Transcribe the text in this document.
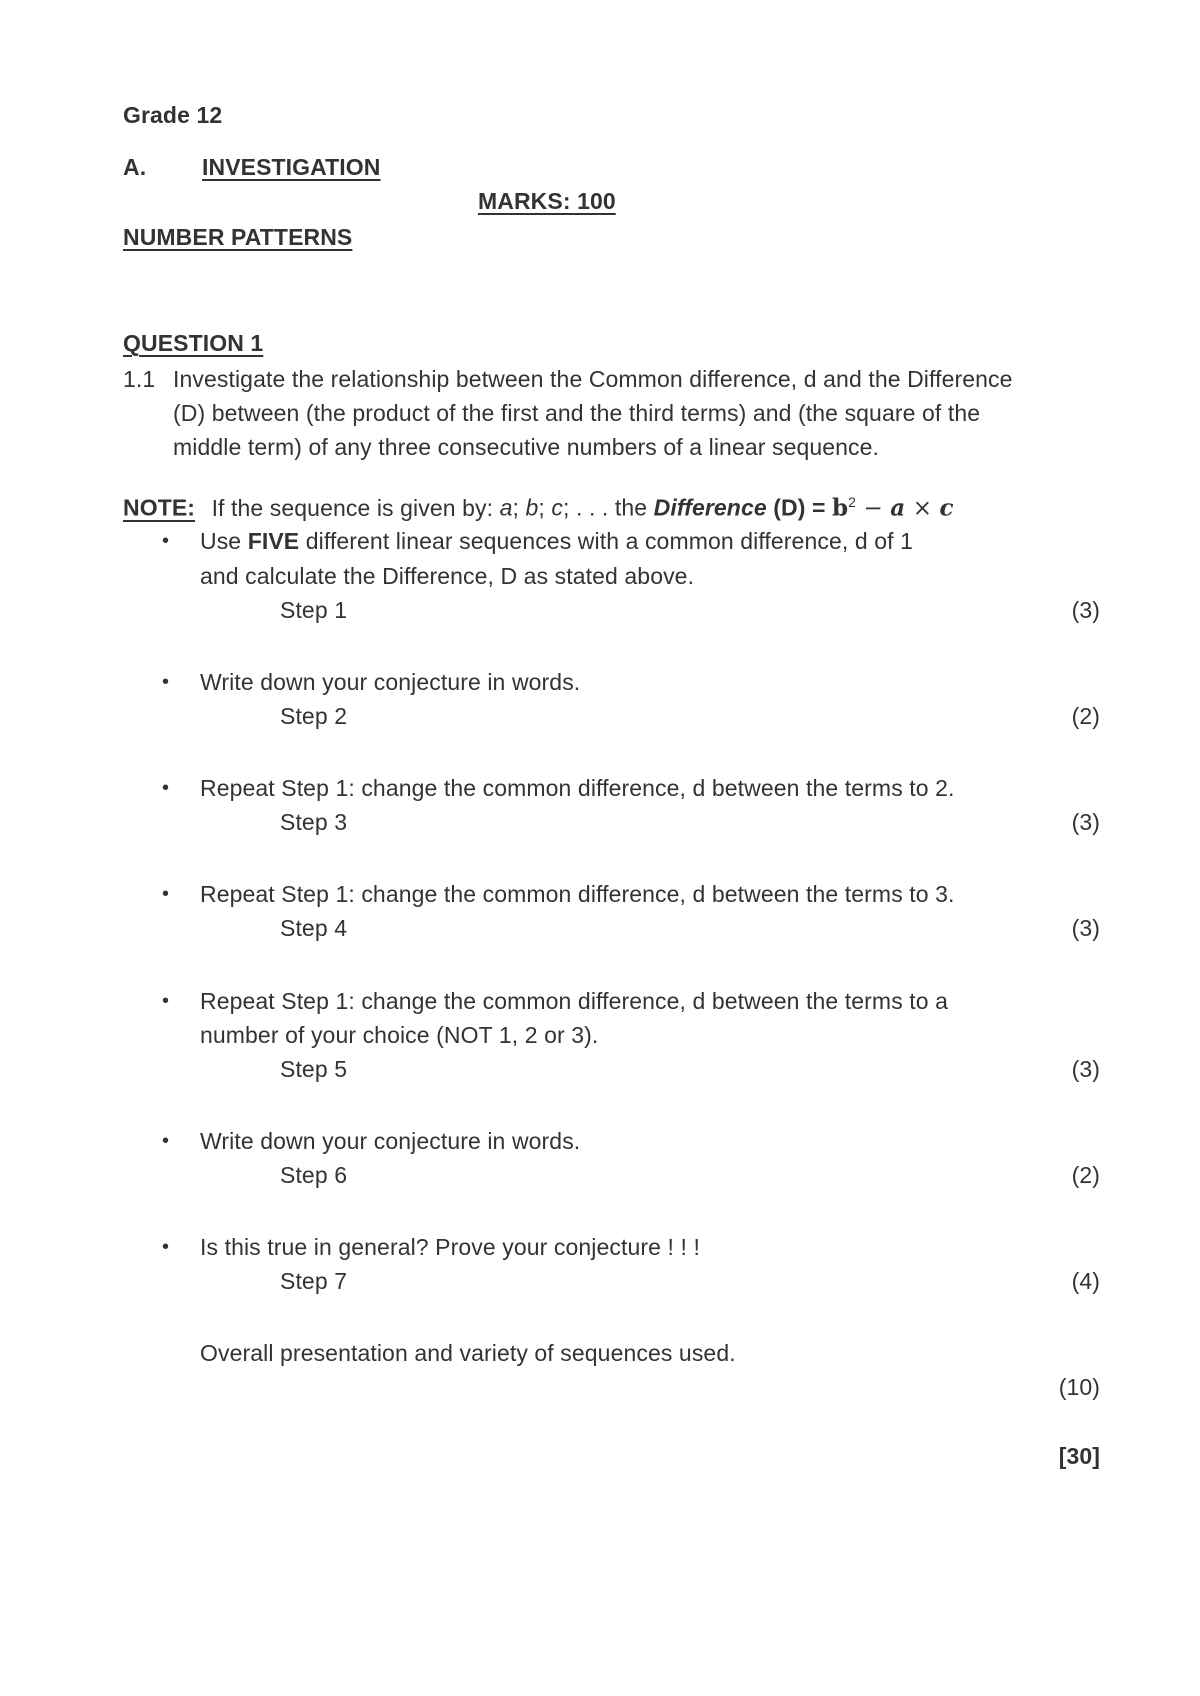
Grade 12
A. INVESTIGATION
MARKS: 100
NUMBER PATTERNS
QUESTION 1
1.1 Investigate the relationship between the Common difference, d and the Difference
(D) between (the product of the first and the third terms) and (the square of the
middle term) of any three consecutive numbers of a linear sequence.
NOTE: If the sequence is given by: a; b; c; . . . the Difference $(D) = b^2 - a \times c$
• Use FIVE different linear sequences with a common difference, d of 1
and calculate the Difference, D as stated above.
Step 1	(3)
• Write down your conjecture in words.
Step 2	(2)
• Repeat Step 1: change the common difference, d between the terms to 2.
Step 3	(3)
• Repeat Step 1: change the common difference, d between the terms to 3.
Step 4	(3)
• Repeat Step 1: change the common difference, d between the terms to a
number of your choice (NOT 1, 2 or 3).
Step 5	(3)
• Write down your conjecture in words.
Step 6	(2)
• Is this true in general? Prove your conjecture ! ! !
Step 7	(4)
Overall presentation and variety of sequences used.
(10)
[30]
